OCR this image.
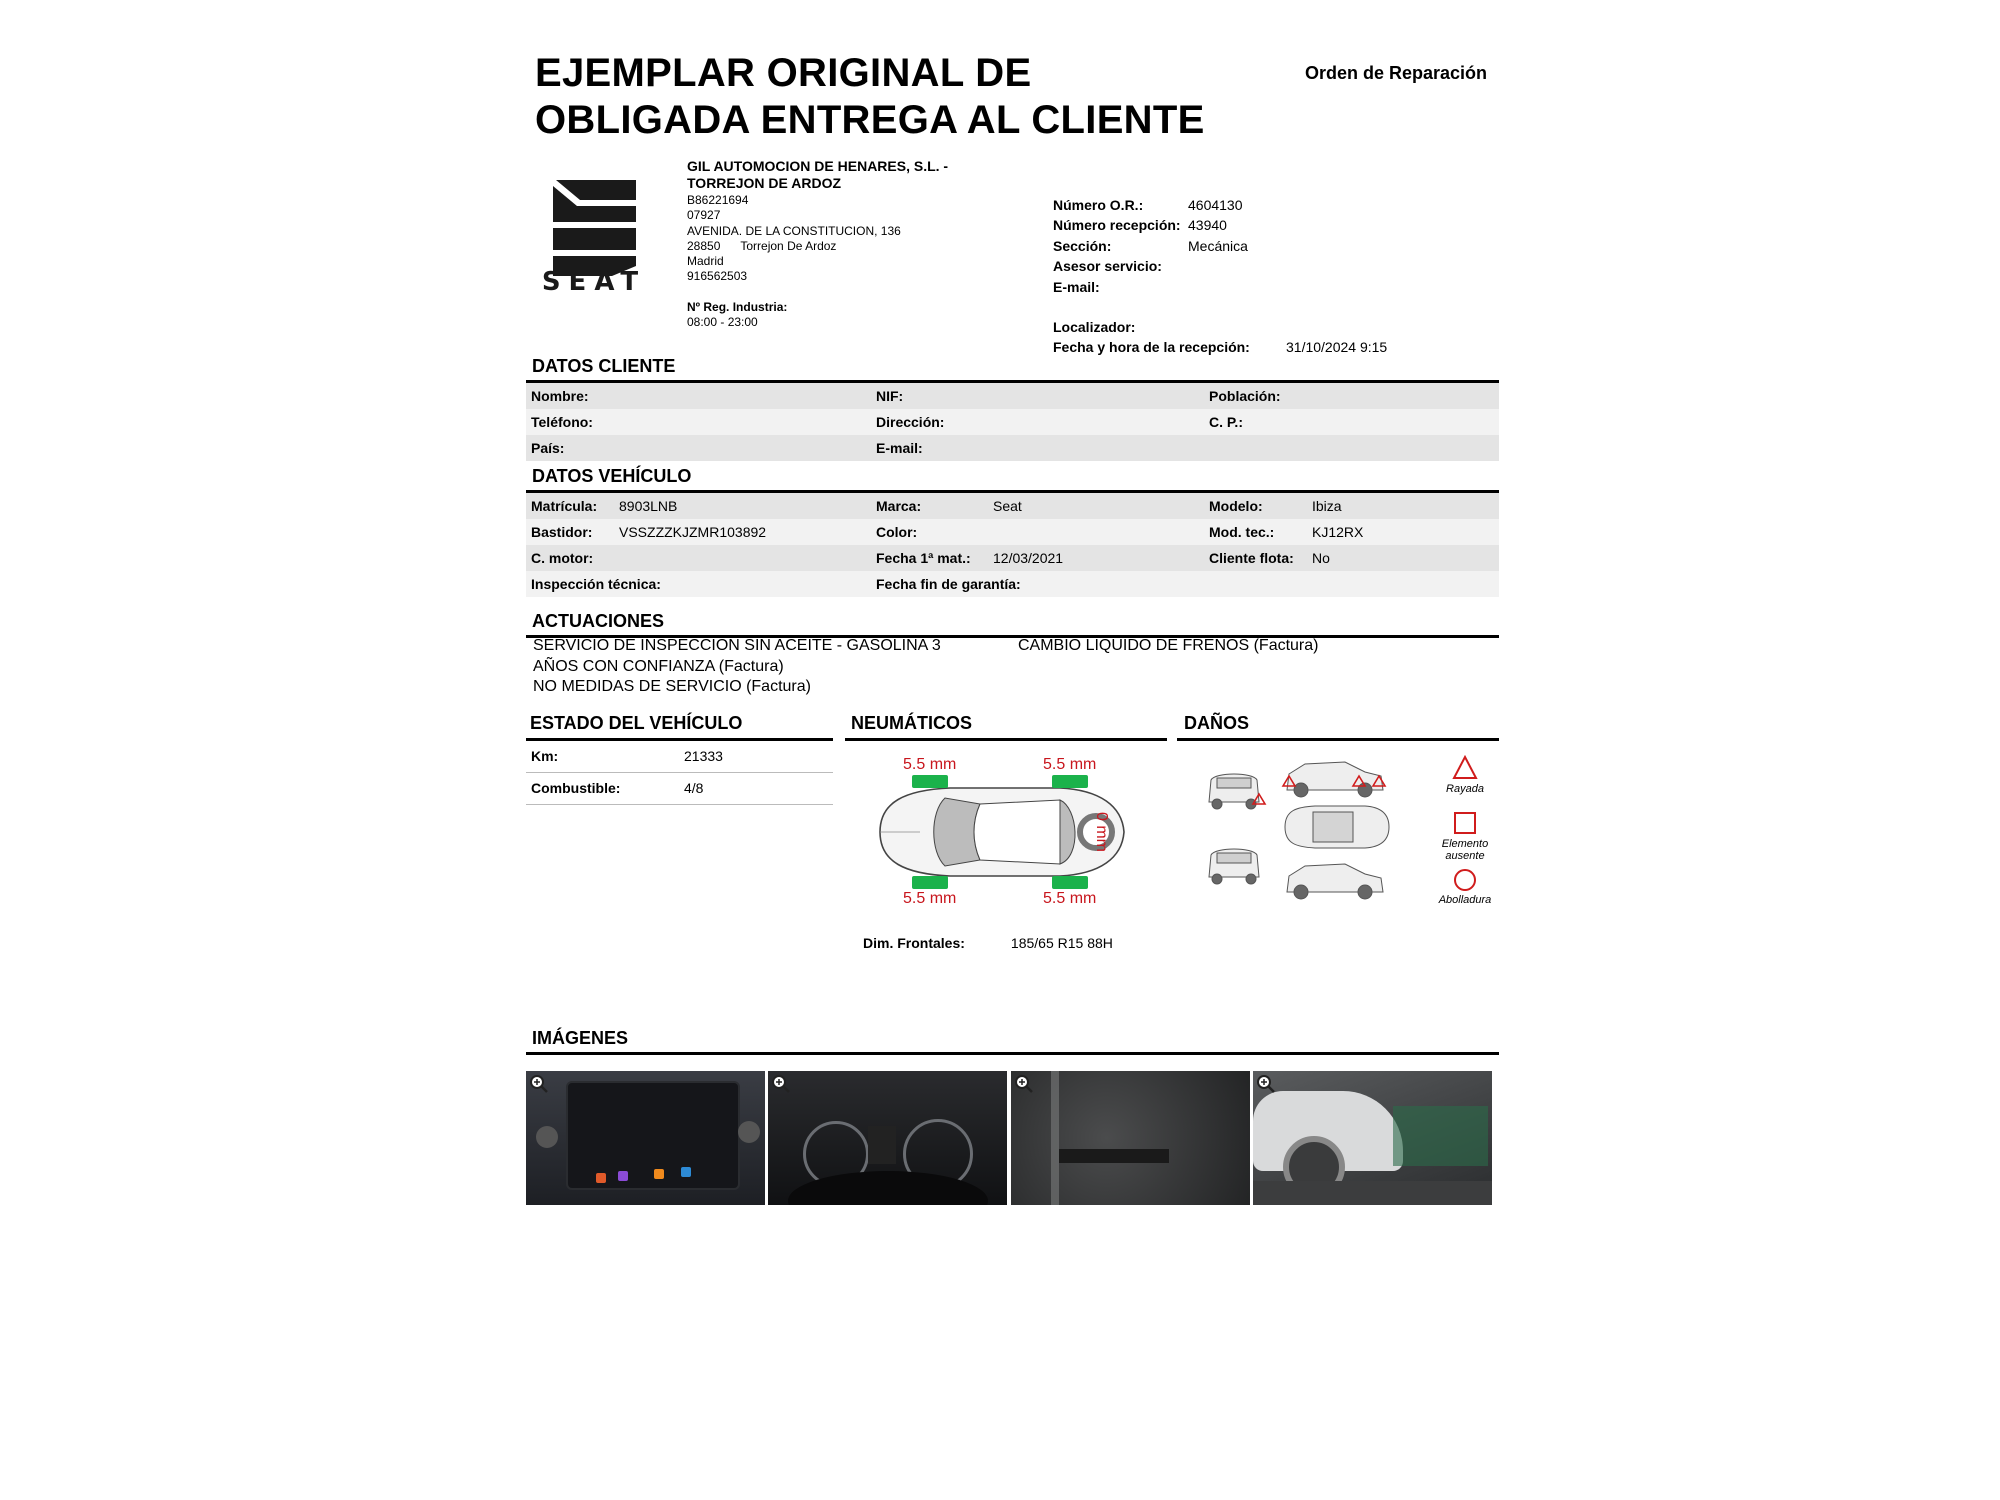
EJEMPLAR ORIGINAL DE
OBLIGADA ENTREGA AL CLIENTE
Orden de Reparación
SEAT
GIL AUTOMOCION DE HENARES, S.L. -
TORREJON DE ARDOZ
B86221694
07927
AVENIDA. DE LA CONSTITUCION, 136
28850 Torrejon De Ardoz
Madrid
916562503
Nº Reg. Industria:
08:00 - 23:00
Número O.R.:	4604130
Número recepción: 43940
Sección:	Mecánica
Asesor servicio:
E-mail:
Localizador:
Fecha y hora de la recepción:	31/10/2024 9:15
DATOS CLIENTE
Nombre:	NIF:	Población:
Teléfono:	Dirección:	C. P.:
País:	E-mail:
DATOS VEHÍCULO
Matrícula: 8903LNB	Marca:	Seat	Modelo:	Ibiza
Bastidor: VSSZZZKJZMR103892	Color:	Mod. tec.:	KJ12RX
C. motor:	Fecha 1ª mat.: 12/03/2021	Cliente flota: No
Inspección técnica:	Fecha fin de garantía:
ACTUACIONES
SERVICIO DE INSPECCION SIN ACEITE - GASOLINA 3
AÑOS CON CONFIANZA (Factura)
NO MEDIDAS DE SERVICIO (Factura)
CAMBIO LIQUIDO DE FRENOS (Factura)
ESTADO DEL VEHÍCULO
Km:	21333
Combustible:	4/8
NEUMÁTICOS
5.5 mm	5.5 mm
5.5 mm	5.5 mm
0 mm
Dim. Frontales:	185/65 R15 88H
DAÑOS
Rayada
Elemento
ausente
Abolladura
IMÁGENES
